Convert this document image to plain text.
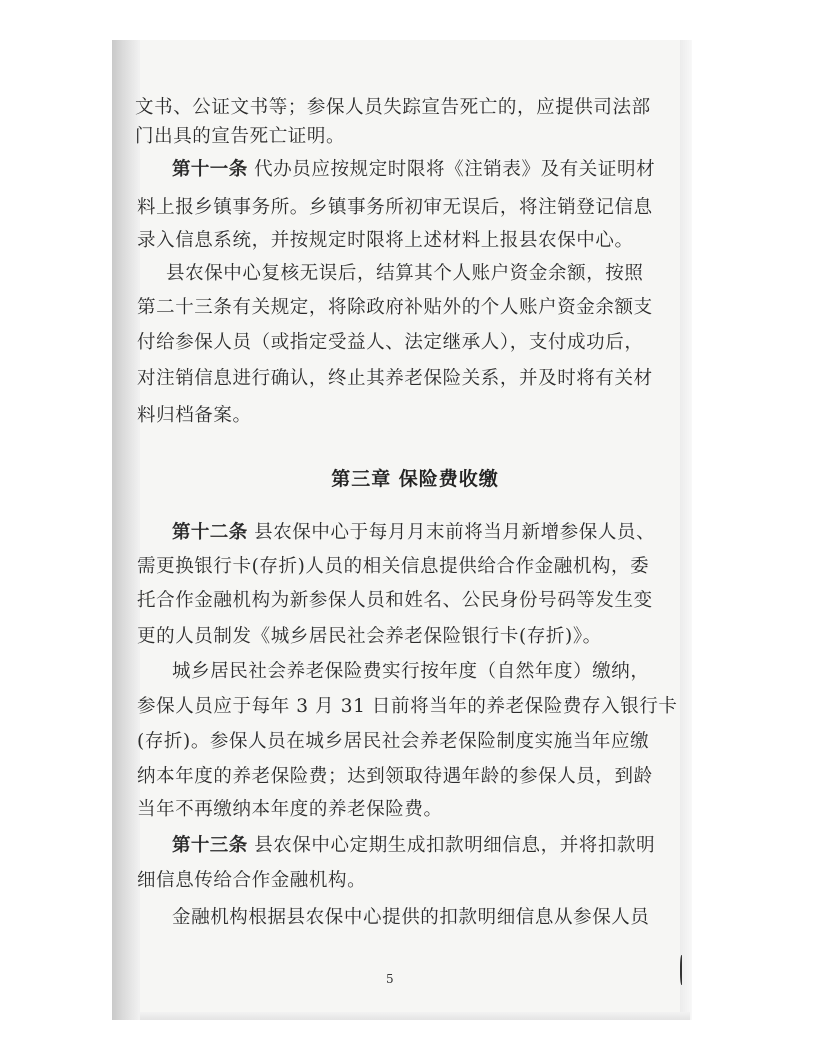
文书、公证文书等；参保人员失踪宣告死亡的，应提供司法部
门出具的宣告死亡证明。
第十一条 代办员应按规定时限将《注销表》及有关证明材
料上报乡镇事务所。乡镇事务所初审无误后，将注销登记信息
录入信息系统，并按规定时限将上述材料上报县农保中心。
县农保中心复核无误后，结算其个人账户资金余额，按照
第二十三条有关规定，将除政府补贴外的个人账户资金余额支
付给参保人员（或指定受益人、法定继承人），支付成功后，
对注销信息进行确认，终止其养老保险关系，并及时将有关材
料归档备案。
第三章 保险费收缴
第十二条 县农保中心于每月月末前将当月新增参保人员、
需更换银行卡(存折)人员的相关信息提供给合作金融机构，委
托合作金融机构为新参保人员和姓名、公民身份号码等发生变
更的人员制发《城乡居民社会养老保险银行卡(存折)》。
城乡居民社会养老保险费实行按年度（自然年度）缴纳，
参保人员应于每年 3 月 31 日前将当年的养老保险费存入银行卡
(存折)。参保人员在城乡居民社会养老保险制度实施当年应缴
纳本年度的养老保险费；达到领取待遇年龄的参保人员，到龄
当年不再缴纳本年度的养老保险费。
第十三条 县农保中心定期生成扣款明细信息，并将扣款明
细信息传给合作金融机构。
金融机构根据县农保中心提供的扣款明细信息从参保人员
5
